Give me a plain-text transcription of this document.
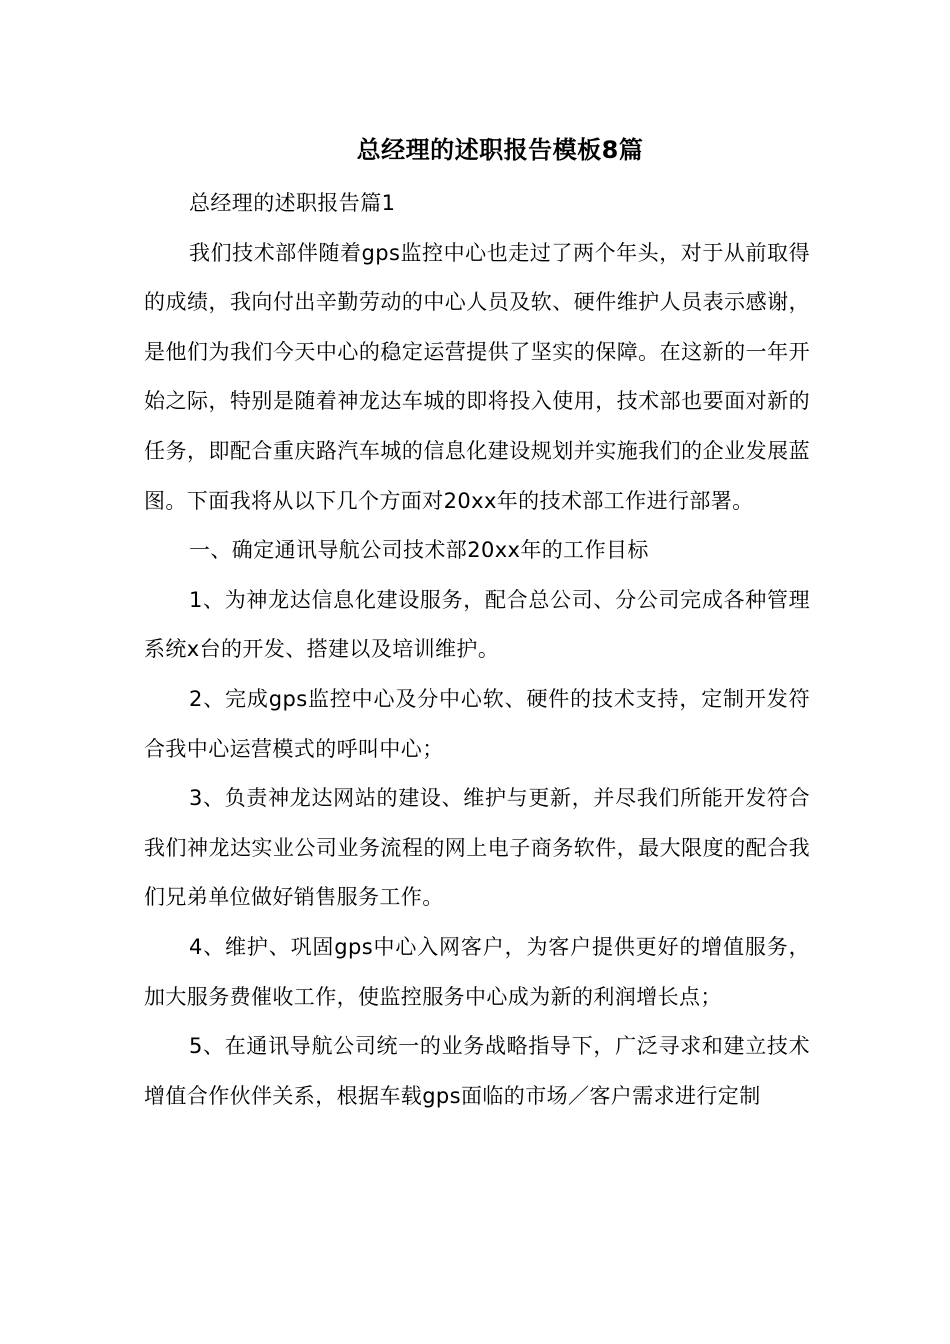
总经理的述职报告模板8篇

总经理的述职报告篇1

我们技术部伴随着gps监控中心也走过了两个年头，对于从前取得的成绩，我向付出辛勤劳动的中心人员及软、硬件维护人员表示感谢，是他们为我们今天中心的稳定运营提供了坚实的保障。在这新的一年开始之际，特别是随着神龙达车城的即将投入使用，技术部也要面对新的任务，即配合重庆路汽车城的信息化建设规划并实施我们的企业发展蓝图。下面我将从以下几个方面对20xx年的技术部工作进行部署。

一、确定通讯导航公司技术部20xx年的工作目标

1、为神龙达信息化建设服务，配合总公司、分公司完成各种管理系统x台的开发、搭建以及培训维护。

2、完成gps监控中心及分中心软、硬件的技术支持，定制开发符合我中心运营模式的呼叫中心；

3、负责神龙达网站的建设、维护与更新，并尽我们所能开发符合我们神龙达实业公司业务流程的网上电子商务软件，最大限度的配合我们兄弟单位做好销售服务工作。

4、维护、巩固gps中心入网客户，为客户提供更好的增值服务，加大服务费催收工作，使监控服务中心成为新的利润增长点；

5、在通讯导航公司统一的业务战略指导下，广泛寻求和建立技术增值合作伙伴关系，根据车载gps面临的市场／客户需求进行定制
